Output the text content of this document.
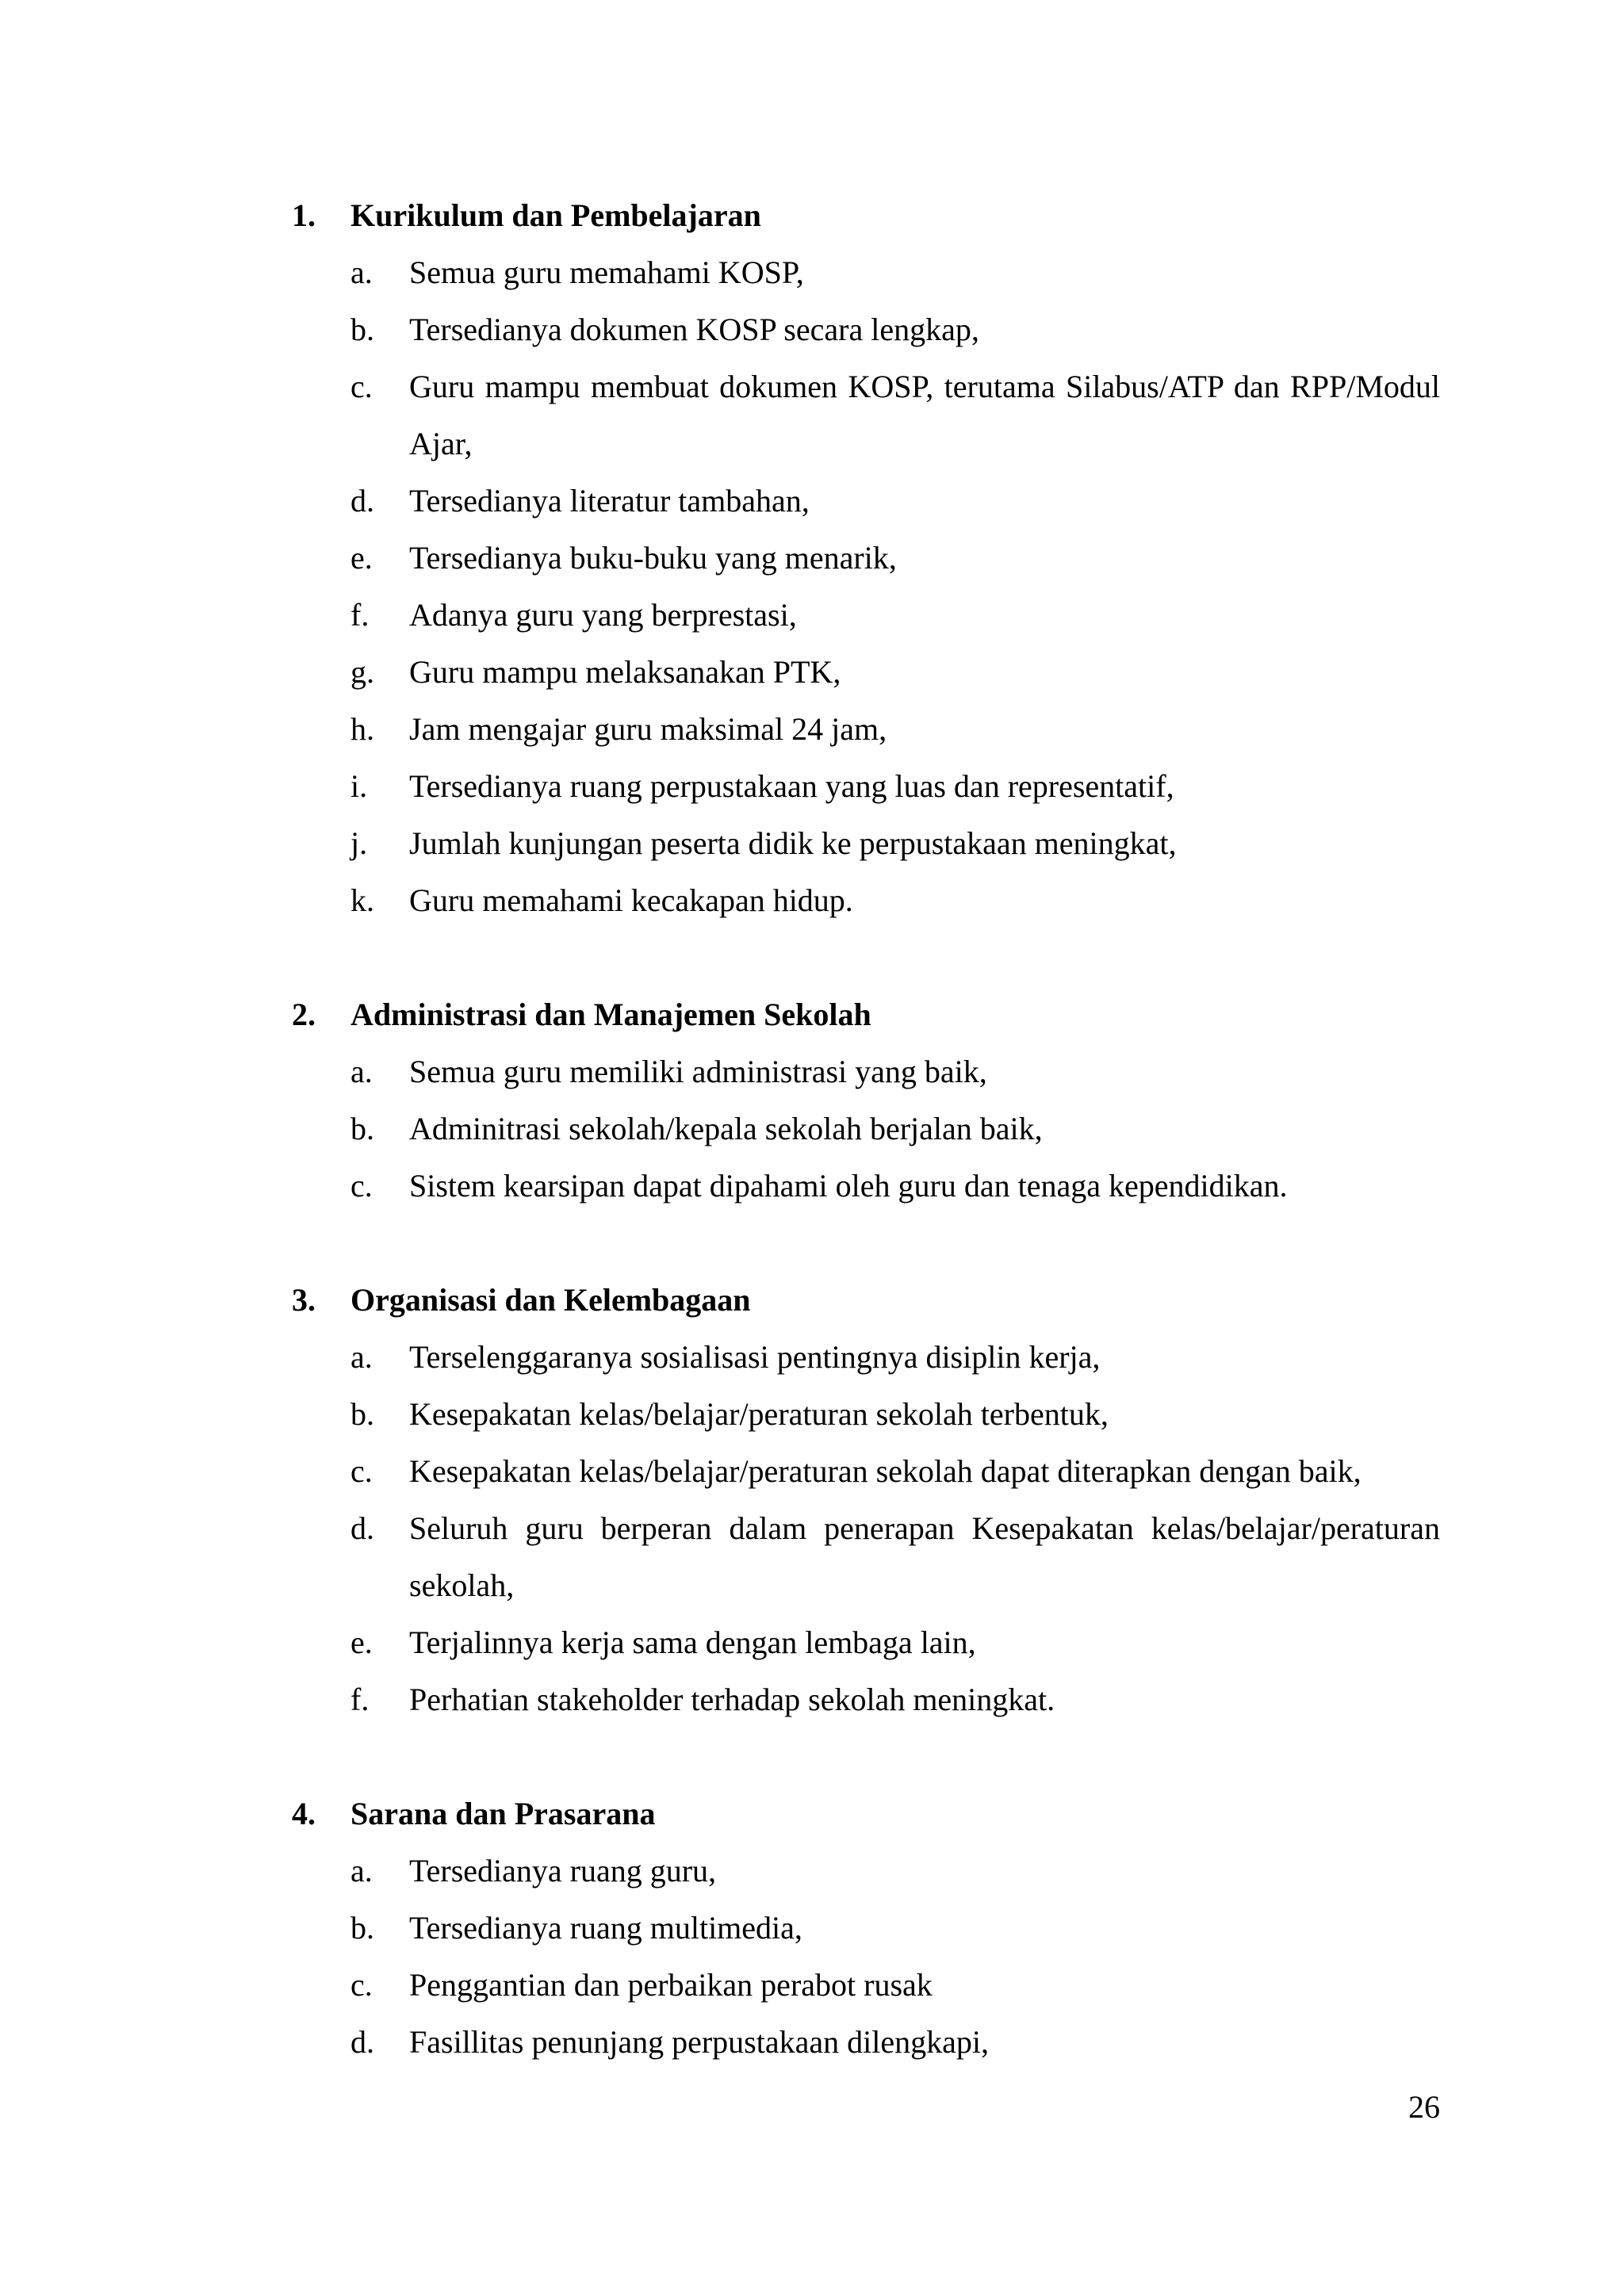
1. Kurikulum dan Pembelajaran
a. Semua guru memahami KOSP,
b. Tersedianya dokumen KOSP secara lengkap,
c. Guru mampu membuat dokumen KOSP, terutama Silabus/ATP dan RPP/Modul Ajar,
d. Tersedianya literatur tambahan,
e. Tersedianya buku-buku yang menarik,
f. Adanya guru yang berprestasi,
g. Guru mampu melaksanakan PTK,
h. Jam mengajar guru maksimal 24 jam,
i. Tersedianya ruang perpustakaan yang luas dan representatif,
j. Jumlah kunjungan peserta didik ke perpustakaan meningkat,
k. Guru memahami kecakapan hidup.
2. Administrasi dan Manajemen Sekolah
a. Semua guru memiliki administrasi yang baik,
b. Adminitrasi sekolah/kepala sekolah berjalan baik,
c. Sistem kearsipan dapat dipahami oleh guru dan tenaga kependidikan.
3. Organisasi dan Kelembagaan
a. Terselenggaranya sosialisasi pentingnya disiplin kerja,
b. Kesepakatan kelas/belajar/peraturan sekolah terbentuk,
c. Kesepakatan kelas/belajar/peraturan sekolah dapat diterapkan dengan baik,
d. Seluruh guru berperan dalam penerapan Kesepakatan kelas/belajar/peraturan sekolah,
e. Terjalinnya kerja sama dengan lembaga lain,
f. Perhatian stakeholder terhadap sekolah meningkat.
4. Sarana dan Prasarana
a. Tersedianya ruang guru,
b. Tersedianya ruang multimedia,
c. Penggantian dan perbaikan perabot rusak
d. Fasillitas penunjang perpustakaan dilengkapi,
26
